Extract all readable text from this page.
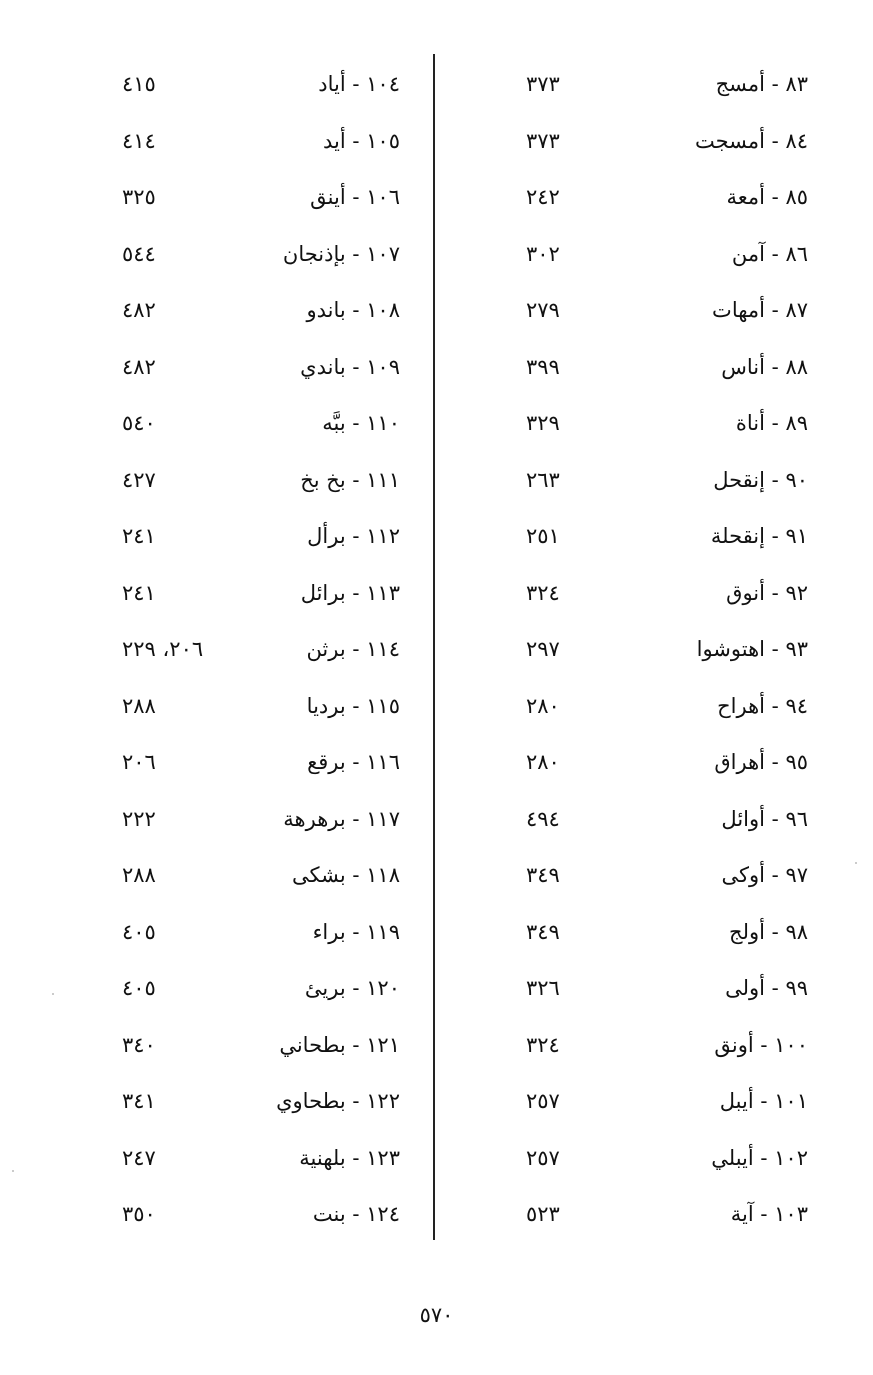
٨٣ - أمسج
٣٧٣
٨٤ - أمسجت
٣٧٣
٨٥ - أمعة
٢٤٢
٨٦ - آمن
٣٠٢
٨٧ - أمهات
٢٧٩
٨٨ - أناس
٣٩٩
٨٩ - أناة
٣٢٩
٩٠ - إنقحل
٢٦٣
٩١ - إنقحلة
٢٥١
٩٢ - أنوق
٣٢٤
٩٣ - اهتوشوا
٢٩٧
٩٤ - أهراح
٢٨٠
٩٥ - أهراق
٢٨٠
٩٦ - أوائل
٤٩٤
٩٧ - أوكى
٣٤٩
٩٨ - أولج
٣٤٩
٩٩ - أولى
٣٢٦
١٠٠ - أونق
٣٢٤
١٠١ - أيبل
٢٥٧
١٠٢ - أيبلي
٢٥٧
١٠٣ - آية
٥٢٣
١٠٤ - أياد
٤١٥
١٠٥ - أيد
٤١٤
١٠٦ - أينق
٣٢٥
١٠٧ - بإذنجان
٥٤٤
١٠٨ - باندو
٤٨٢
١٠٩ - باندي
٤٨٢
١١٠ - ببَّه
٥٤٠
١١١ - بخ بخ
٤٢٧
١١٢ - برأل
٢٤١
١١٣ - برائل
٢٤١
١١٤ - برثن
٢٠٦، ٢٢٩
١١٥ - برديا
٢٨٨
١١٦ - برقع
٢٠٦
١١٧ - برهرهة
٢٢٢
١١٨ - بشكى
٢٨٨
١١٩ - براء
٤٠٥
١٢٠ - بريئ
٤٠٥
١٢١ - بطحاني
٣٤٠
١٢٢ - بطحاوي
٣٤١
١٢٣ - بلهنية
٢٤٧
١٢٤ - بنت
٣٥٠
٥٧٠
